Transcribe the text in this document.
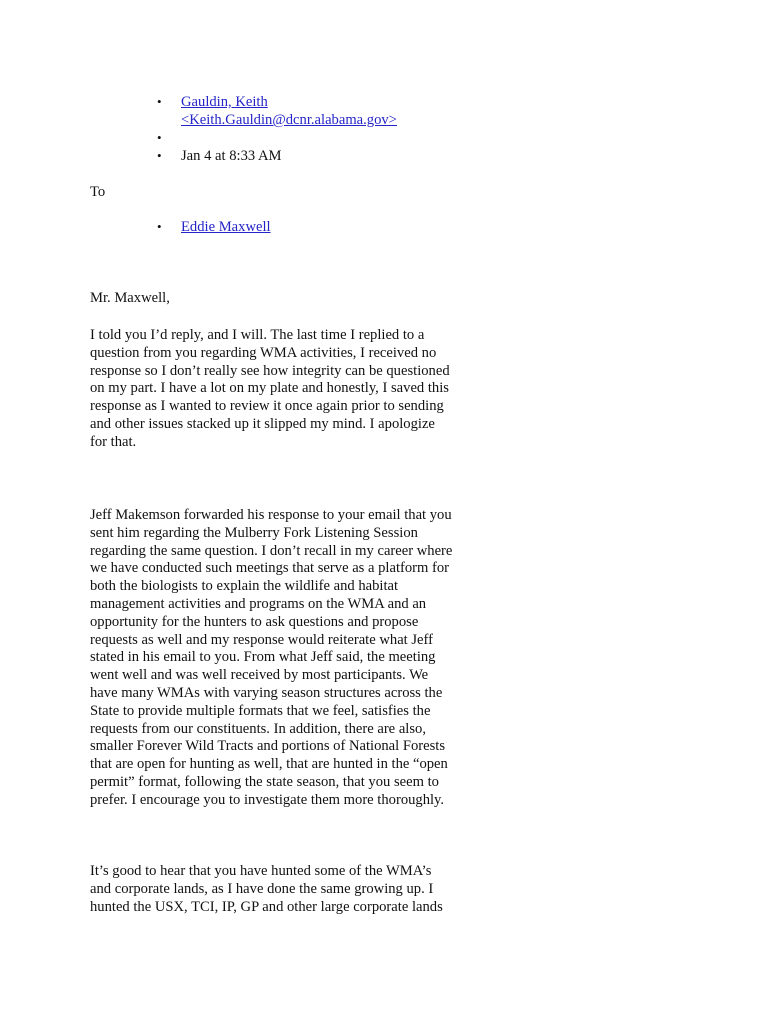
• Gauldin, Keith
<Keith.Gauldin@dcnr.alabama.gov>
•
• Jan 4 at 8:33 AM
To
• Eddie Maxwell

Mr. Maxwell,

I told you I’d reply, and I will. The last time I replied to a
question from you regarding WMA activities, I received no
response so I don’t really see how integrity can be questioned
on my part. I have a lot on my plate and honestly, I saved this
response as I wanted to review it once again prior to sending
and other issues stacked up it slipped my mind. I apologize
for that.

Jeff Makemson forwarded his response to your email that you
sent him regarding the Mulberry Fork Listening Session
regarding the same question. I don’t recall in my career where
we have conducted such meetings that serve as a platform for
both the biologists to explain the wildlife and habitat
management activities and programs on the WMA and an
opportunity for the hunters to ask questions and propose
requests as well and my response would reiterate what Jeff
stated in his email to you. From what Jeff said, the meeting
went well and was well received by most participants. We
have many WMAs with varying season structures across the
State to provide multiple formats that we feel, satisfies the
requests from our constituents. In addition, there are also,
smaller Forever Wild Tracts and portions of National Forests
that are open for hunting as well, that are hunted in the “open
permit” format, following the state season, that you seem to
prefer. I encourage you to investigate them more thoroughly.

It’s good to hear that you have hunted some of the WMA’s
and corporate lands, as I have done the same growing up. I
hunted the USX, TCI, IP, GP and other large corporate lands
